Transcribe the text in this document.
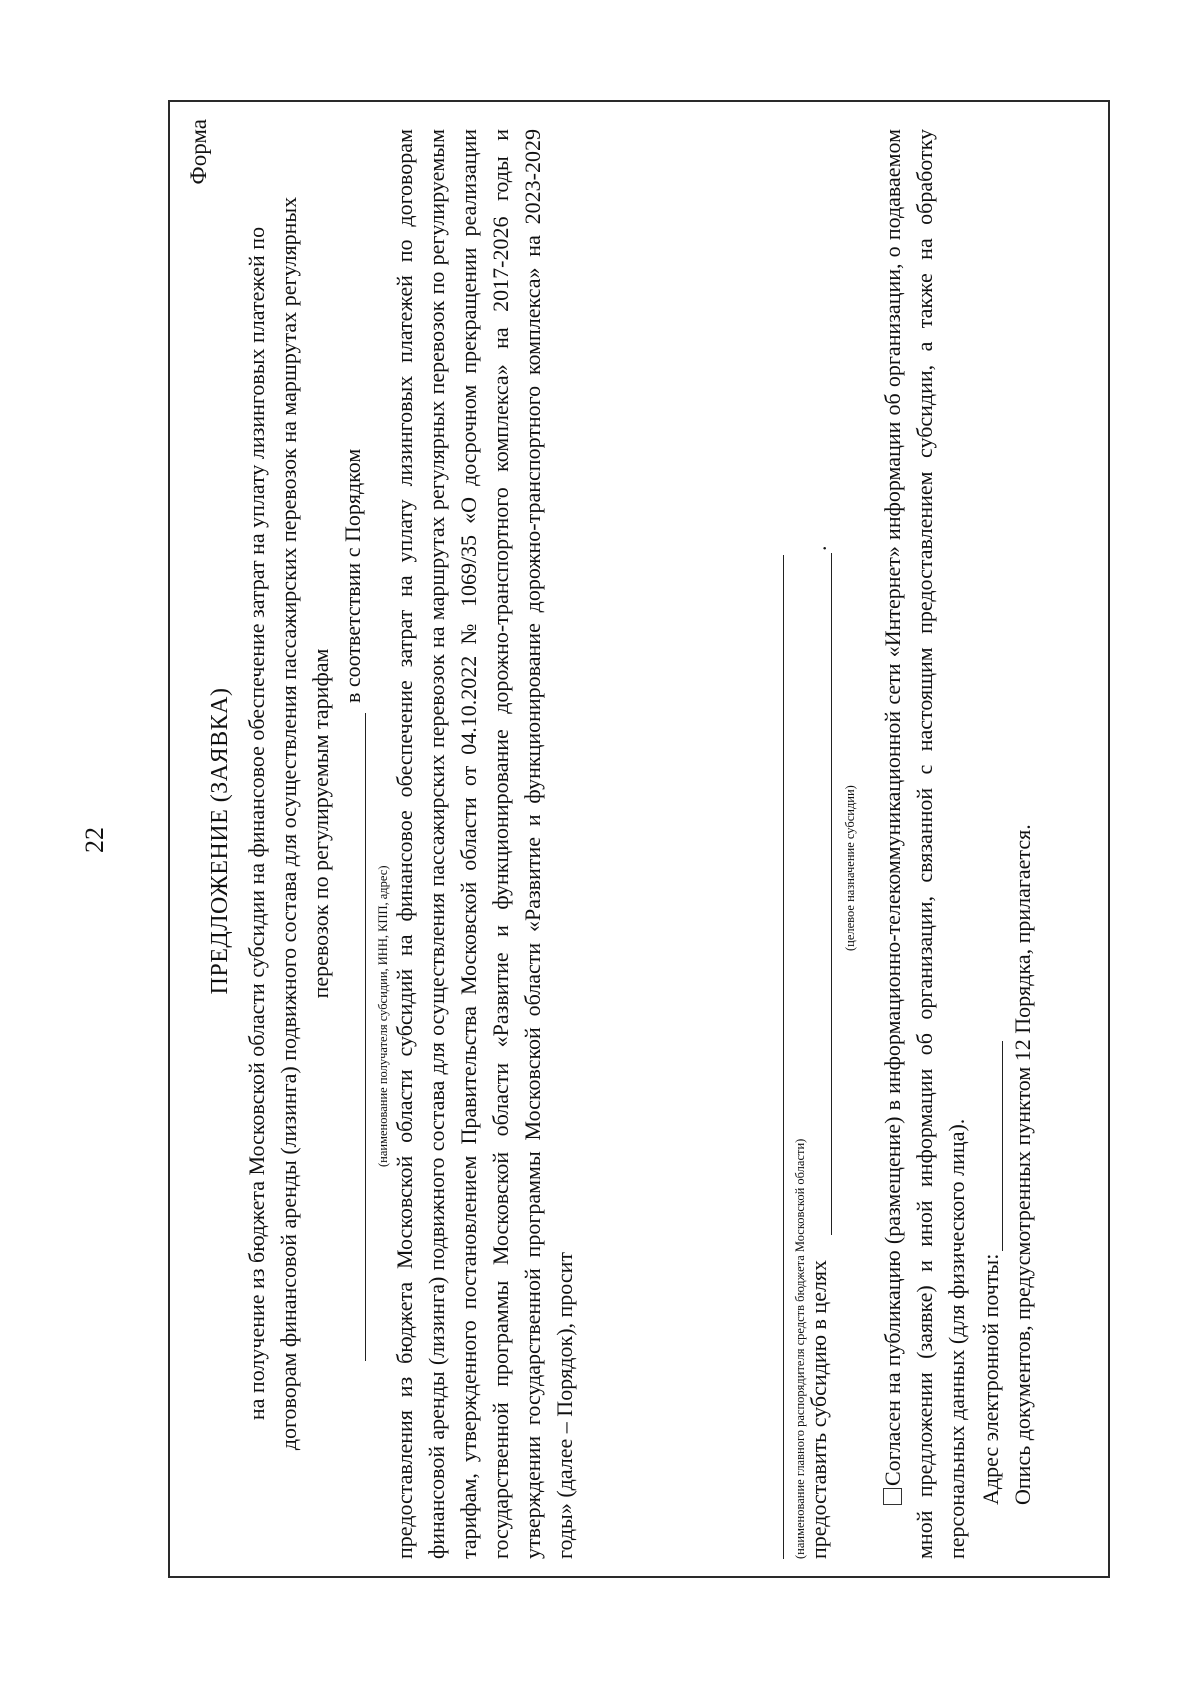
22
Форма
ПРЕДЛОЖЕНИЕ (ЗАЯВКА) на получение из бюджета Московской области субсидии на финансовое обеспечение затрат на уплату лизинговых платежей по договорам финансовой аренды (лизинга) подвижного состава для осуществления пассажирских перевозок на маршрутах регулярных перевозок по регулируемым тарифам
в соответствии с Порядком
(наименование получателя субсидии, ИНН, КПП, адрес) предоставления из бюджета Московской области субсидий на финансовое обеспечение затрат на уплату лизинговых платежей по договорам финансовой аренды (лизинга) подвижного состава для осуществления пассажирских перевозок на маршрутах регулярных перевозок по регулируемым тарифам, утвержденного постановлением Правительства Московской области от 04.10.2022 № 1069/35 «О досрочном прекращении реализации государственной программы Московской области «Развитие и функционирование дорожно-транспортного комплекса» на 2017-2026 годы и утверждении государственной программы Московской области «Развитие и функционирование дорожно-транспортного комплекса» на 2023-2029 годы» (далее – Порядок), просит	(наименование главного распорядителя средств бюджета Московской области) предоставить субсидию в целях
.
(целевое назначение субсидии)	Согласен на публикацию (размещение) в информационно-телекоммуникационной сети «Интернет» информации об организации, о подаваемом мной предложении (заявке) и иной информации об организации, связанной с настоящим предоставлением субсидии, а также на обработку персональных данных (для физического лица). Адрес электронной почты: Опись документов, предусмотренных пунктом 12 Порядка, прилагается.
